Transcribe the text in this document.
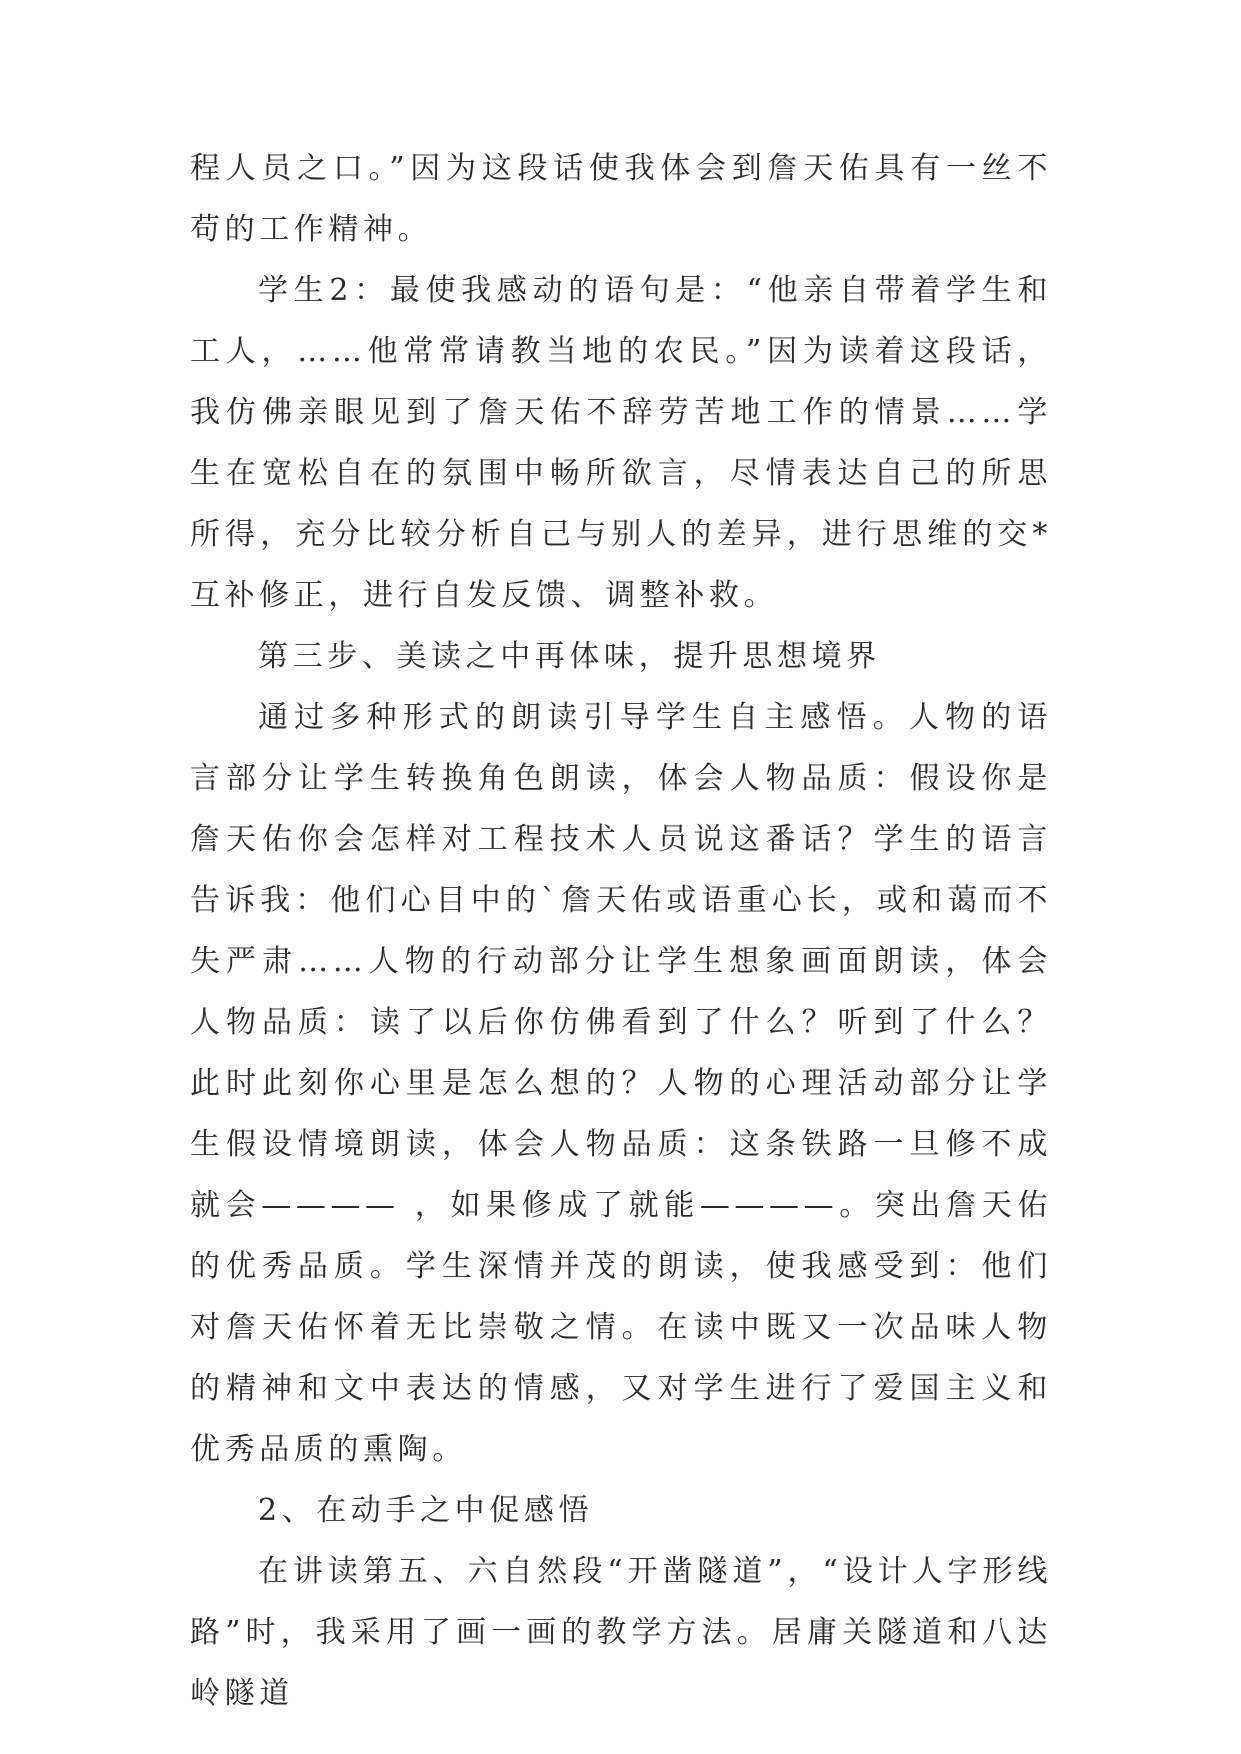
程人员之口。”因为这段话使我体会到詹天佑具有一丝不苟的工作精神。

学生2：最使我感动的语句是：“他亲自带着学生和工人，……他常常请教当地的农民。”因为读着这段话，我仿佛亲眼见到了詹天佑不辞劳苦地工作的情景……学生在宽松自在的氛围中畅所欲言，尽情表达自己的所思所得，充分比较分析自己与别人的差异，进行思维的交*互补修正，进行自发反馈、调整补救。

第三步、美读之中再体味，提升思想境界

通过多种形式的朗读引导学生自主感悟。人物的语言部分让学生转换角色朗读，体会人物品质：假设你是詹天佑你会怎样对工程技术人员说这番话？学生的语言告诉我：他们心目中的`詹天佑或语重心长，或和蔼而不失严肃……人物的行动部分让学生想象画面朗读，体会人物品质：读了以后你仿佛看到了什么？听到了什么？此时此刻你心里是怎么想的？人物的心理活动部分让学生假设情境朗读，体会人物品质：这条铁路一旦修不成就会———— ，如果修成了就能————。突出詹天佑的优秀品质。学生深情并茂的朗读，使我感受到：他们对詹天佑怀着无比崇敬之情。在读中既又一次品味人物的精神和文中表达的情感，又对学生进行了爱国主义和优秀品质的熏陶。

2、在动手之中促感悟

在讲读第五、六自然段“开凿隧道”，“设计人字形线路”时，我采用了画一画的教学方法。居庸关隧道和八达岭隧道
